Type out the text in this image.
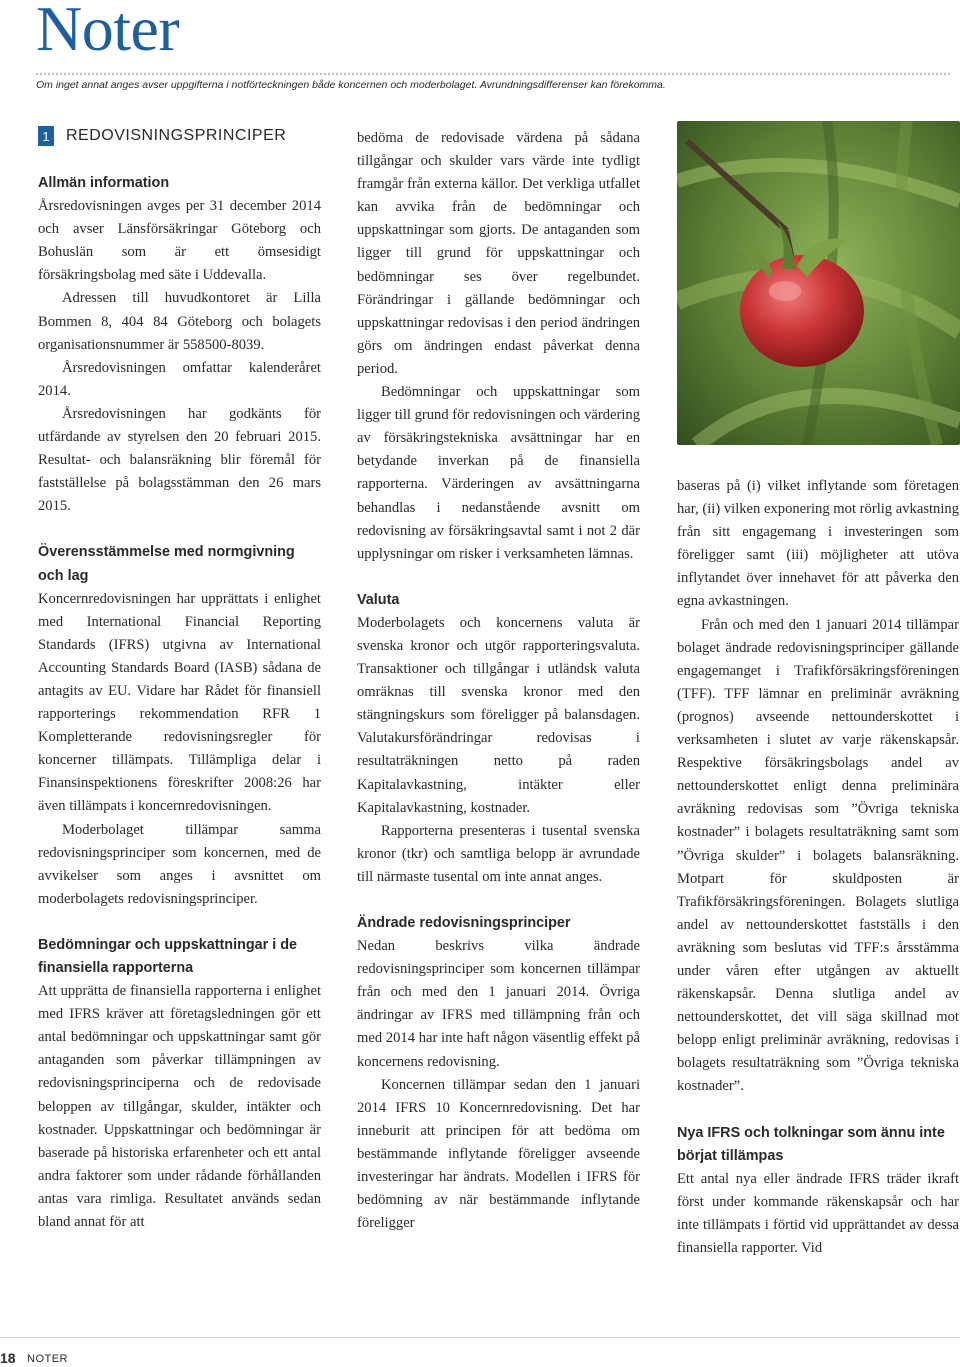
Noter
Om inget annat anges avser uppgifterna i notförteckningen både koncernen och moderbolaget. Avrundningsdifferenser kan förekomma.
1 REDOVISNINGSPRINCIPER
Allmän information

Årsredovisningen avges per 31 december 2014 och avser Länsförsäkringar Göteborg och Bohuslän som är ett ömsesidigt försäkringsbolag med säte i Uddevalla.

Adressen till huvudkontoret är Lilla Bommen 8, 404 84 Göteborg och bolagets organisationsnummer är 558500-8039.

Årsredovisningen omfattar kalenderåret 2014.

Årsredovisningen har godkänts för utfärdande av styrelsen den 20 februari 2015. Resultat- och balansräkning blir föremål för fastställelse på bolagsstämman den 26 mars 2015.

Överensstämmelse med normgivning och lag

Koncernredovisningen har upprättats i enlighet med International Financial Reporting Standards (IFRS) utgivna av International Accounting Standards Board (IASB) sådana de antagits av EU. Vidare har Rådet för finansiell rapporterings rekommendation RFR 1 Kompletterande redovisningsregler för koncerner tillämpats. Tillämpliga delar i Finansinspektionens föreskrifter 2008:26 har även tillämpats i koncernredovisningen.

Moderbolaget tillämpar samma redovisningsprinciper som koncernen, med de avvikelser som anges i avsnittet om moderbolagets redovisningsprinciper.

Bedömningar och uppskattningar i de finansiella rapporterna

Att upprätta de finansiella rapporterna i enlighet med IFRS kräver att företagsledningen gör ett antal bedömningar och uppskattningar samt gör antaganden som påverkar tillämpningen av redovisningsprinciperna och de redovisade beloppen av tillgångar, skulder, intäkter och kostnader. Uppskattningar och bedömningar är baserade på historiska erfarenheter och ett antal andra faktorer som under rådande förhållanden antas vara rimliga. Resultatet används sedan bland annat för att

bedöma de redovisade värdena på sådana tillgångar och skulder vars värde inte tydligt framgår från externa källor. Det verkliga utfallet kan avvika från de bedömningar och uppskattningar som gjorts. De antaganden som ligger till grund för uppskattningar och bedömningar ses över regelbundet. Förändringar i gällande bedömningar och uppskattningar redovisas i den period ändringen görs om ändringen endast påverkat denna period.

Bedömningar och uppskattningar som ligger till grund för redovisningen och värdering av försäkringstekniska avsättningar har en betydande inverkan på de finansiella rapporterna. Värderingen av avsättningarna behandlas i nedanstående avsnitt om redovisning av försäkringsavtal samt i not 2 där upplysningar om risker i verksamheten lämnas.

Valuta

Moderbolagets och koncernens valuta är svenska kronor och utgör rapporteringsvaluta. Transaktioner och tillgångar i utländsk valuta omräknas till svenska kronor med den stängningskurs som föreligger på balansdagen. Valutakursförändringar redovisas i resultaträkningen netto på raden Kapitalavkastning, intäkter eller Kapitalavkastning, kostnader.

Rapporterna presenteras i tusental svenska kronor (tkr) och samtliga belopp är avrundade till närmaste tusental om inte annat anges.

Ändrade redovisningsprinciper

Nedan beskrivs vilka ändrade redovisningsprinciper som koncernen tillämpar från och med den 1 januari 2014. Övriga ändringar av IFRS med tillämpning från och med 2014 har inte haft någon väsentlig effekt på koncernens redovisning.

Koncernen tillämpar sedan den 1 januari 2014 IFRS 10 Koncernredovisning. Det har inneburit att principen för att bedöma om bestämmande inflytande föreligger avseende investeringar har ändrats. Modellen i IFRS för bedömning av när bestämmande inflytande föreligger

baseras på (i) vilket inflytande som företagen har, (ii) vilken exponering mot rörlig avkastning från sitt engagemang i investeringen som föreligger samt (iii) möjligheter att utöva inflytandet över innehavet för att påverka den egna avkastningen.

Från och med den 1 januari 2014 tillämpar bolaget ändrade redovisningsprinciper gällande engagemanget i Trafikförsäkringsföreningen (TFF). TFF lämnar en preliminär avräkning (prognos) avseende nettounderskottet i verksamheten i slutet av varje räkenskapsår. Respektive försäkringsbolags andel av nettounderskottet enligt denna preliminära avräkning redovisas som ”Övriga tekniska kostnader” i bolagets resultaträkning samt som ”Övriga skulder” i bolagets balansräkning. Motpart för skuldposten är Trafikförsäkringsföreningen. Bolagets slutliga andel av nettounderskottet fastställs i den avräkning som beslutas vid TFF:s årsstämma under våren efter utgången av aktuellt räkenskapsår. Denna slutliga andel av nettounderskottet, det vill säga skillnad mot belopp enligt preliminär avräkning, redovisas i bolagets resultaträkning som ”Övriga tekniska kostnader”.

Nya IFRS och tolkningar som ännu inte börjat tillämpas

Ett antal nya eller ändrade IFRS träder ikraft först under kommande räkenskapsår och har inte tillämpats i förtid vid upprättandet av dessa finansiella rapporter. Vid

18 NOTER
